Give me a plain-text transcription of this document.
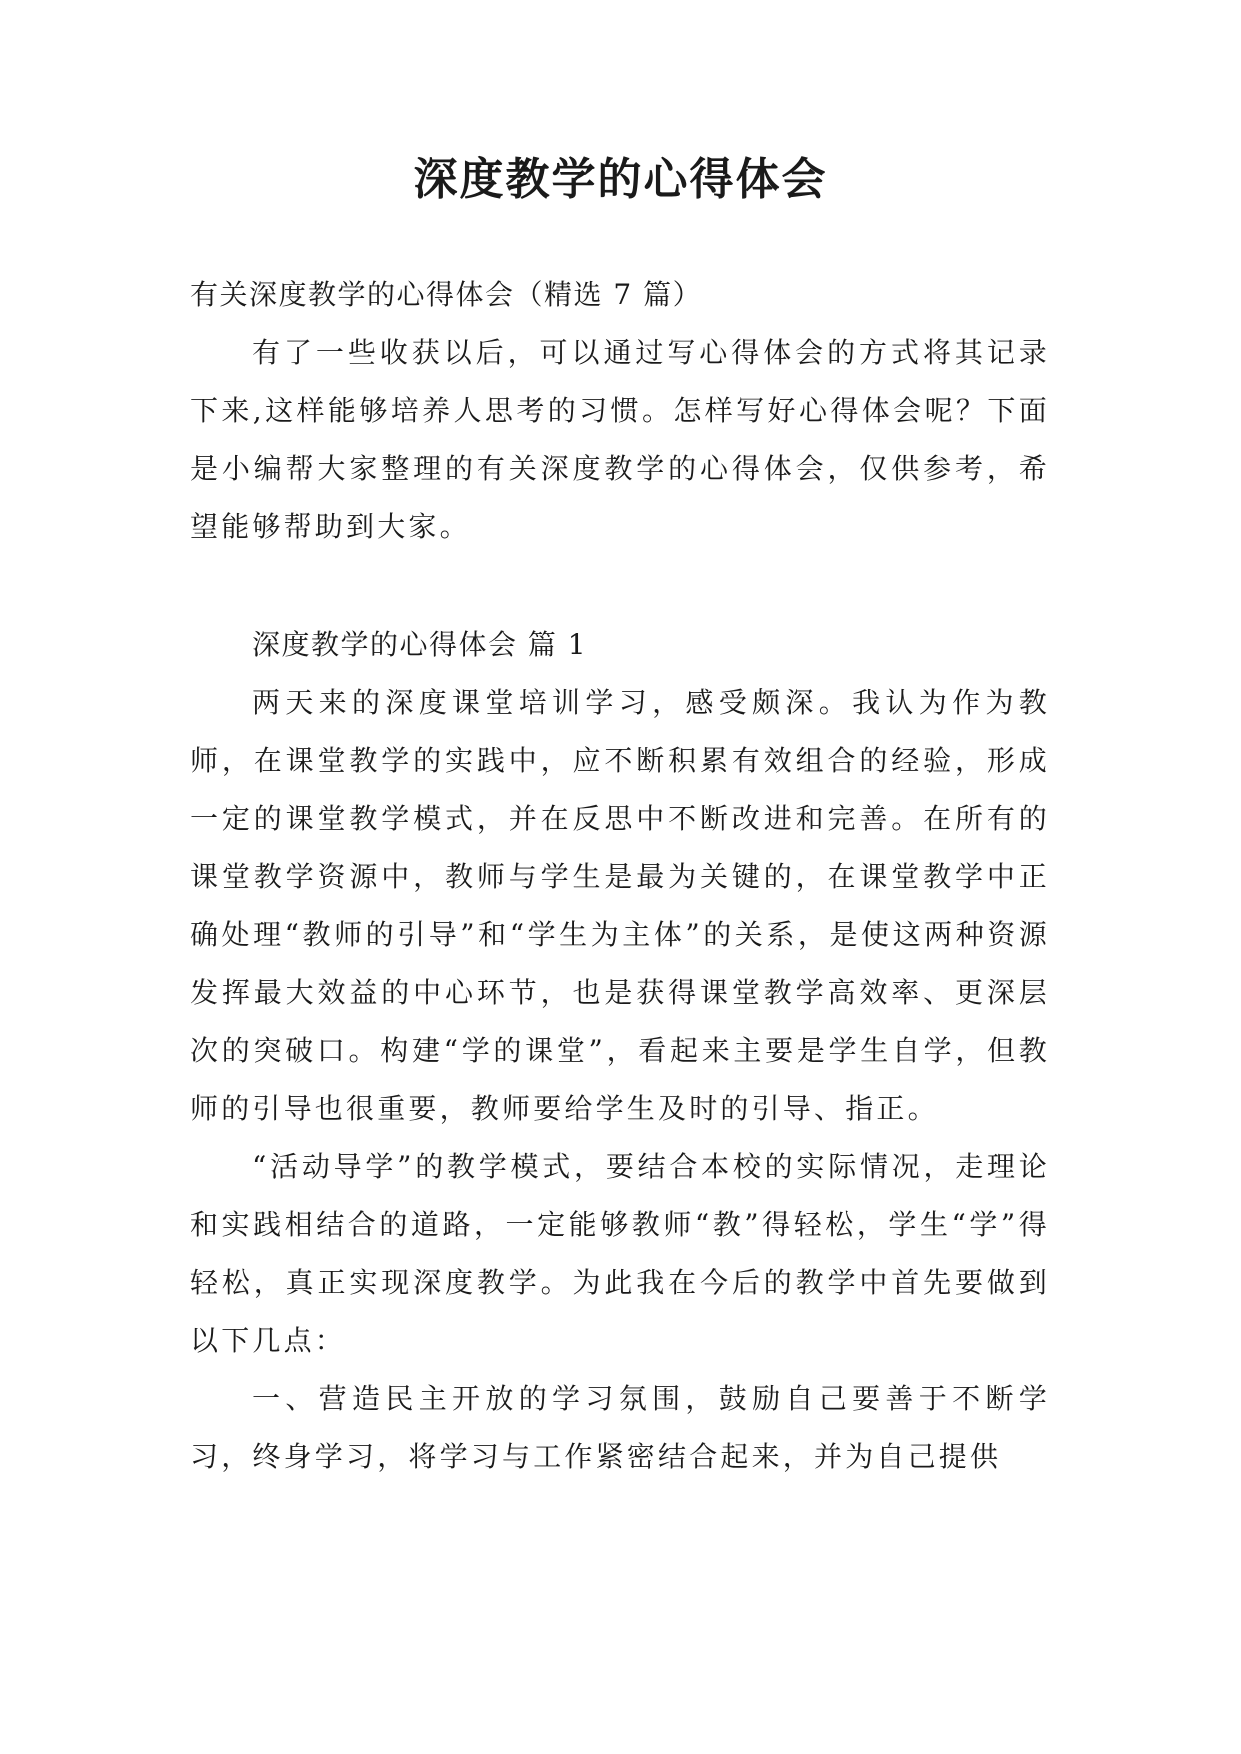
深度教学的心得体会

有关深度教学的心得体会（精选 7 篇）

有了一些收获以后，可以通过写心得体会的方式将其记录下来,这样能够培养人思考的习惯。怎样写好心得体会呢？下面是小编帮大家整理的有关深度教学的心得体会，仅供参考，希望能够帮助到大家。

深度教学的心得体会 篇 1

两天来的深度课堂培训学习，感受颇深。我认为作为教师，在课堂教学的实践中，应不断积累有效组合的经验，形成一定的课堂教学模式，并在反思中不断改进和完善。在所有的课堂教学资源中，教师与学生是最为关键的，在课堂教学中正确处理“教师的引导”和“学生为主体”的关系，是使这两种资源发挥最大效益的中心环节，也是获得课堂教学高效率、更深层次的突破口。构建“学的课堂”，看起来主要是学生自学，但教师的引导也很重要，教师要给学生及时的引导、指正。

“活动导学”的教学模式，要结合本校的实际情况，走理论和实践相结合的道路，一定能够教师“教”得轻松，学生“学”得轻松，真正实现深度教学。为此我在今后的教学中首先要做到以下几点：

一、营造民主开放的学习氛围，鼓励自己要善于不断学习，终身学习，将学习与工作紧密结合起来，并为自己提供
